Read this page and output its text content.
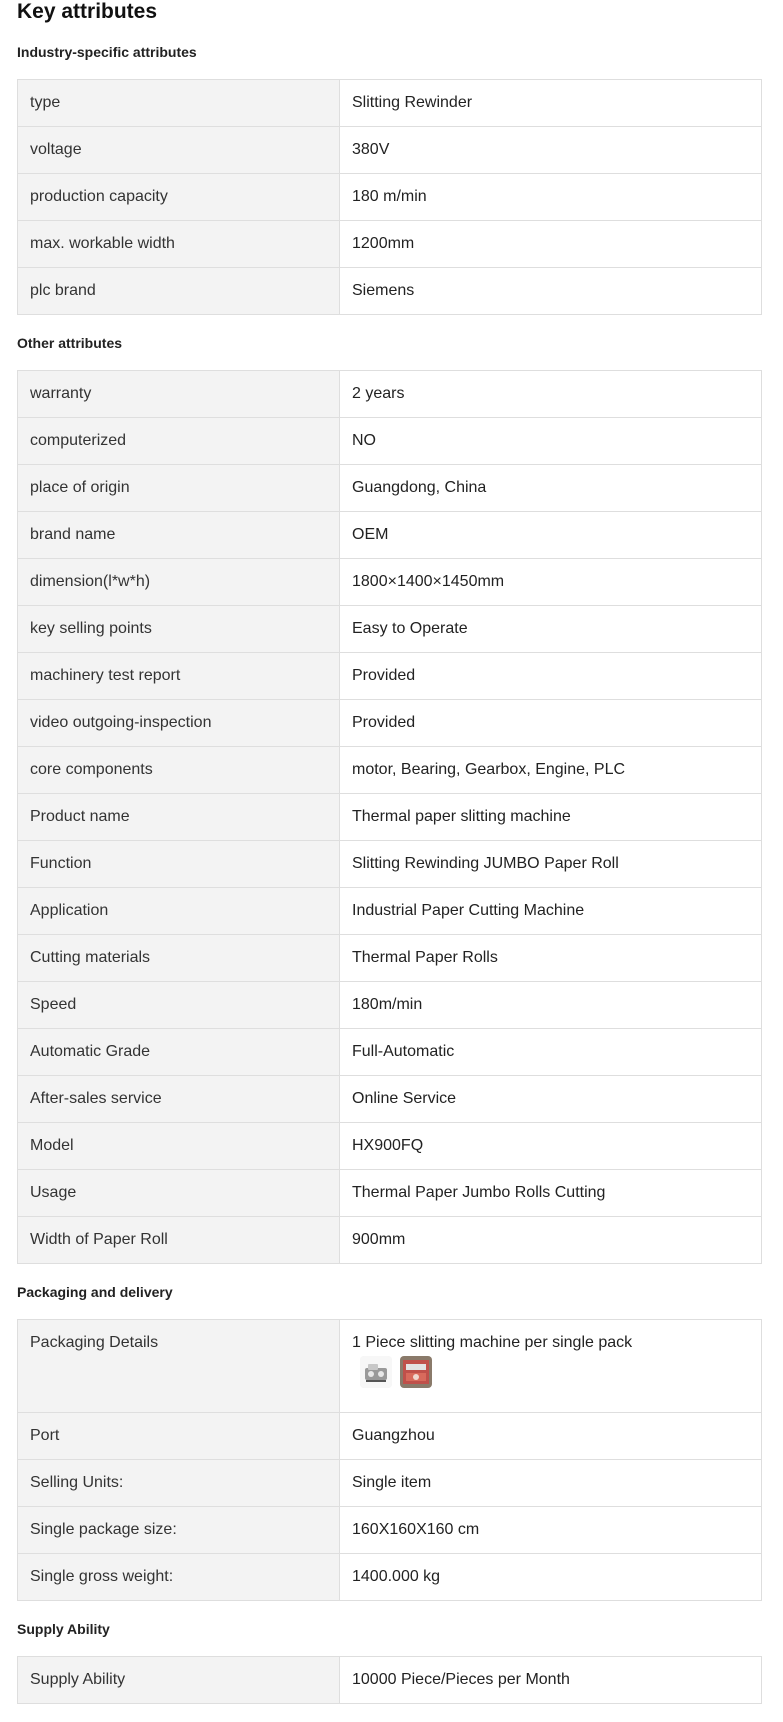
Key attributes
Industry-specific attributes
type	Slitting Rewinder
voltage	380V
production capacity	180 m/min
max. workable width	1200mm
plc brand	Siemens
Other attributes
warranty	2 years
computerized	NO
place of origin	Guangdong, China
brand name	OEM
dimension(l*w*h)	1800×1400×1450mm
key selling points	Easy to Operate
machinery test report	Provided
video outgoing-inspection	Provided
core components	motor, Bearing, Gearbox, Engine, PLC
Product name	Thermal paper slitting machine
Function	Slitting Rewinding JUMBO Paper Roll
Application	Industrial Paper Cutting Machine
Cutting materials	Thermal Paper Rolls
Speed	180m/min
Automatic Grade	Full-Automatic
After-sales service	Online Service
Model	HX900FQ
Usage	Thermal Paper Jumbo Rolls Cutting
Width of Paper Roll	900mm
Packaging and delivery
Packaging Details	1 Piece slitting machine per single pack

Port	Guangzhou
Selling Units:	Single item
Single package size:	160X160X160 cm
Single gross weight:	1400.000 kg
Supply Ability
Supply Ability	10000 Piece/Pieces per Month
